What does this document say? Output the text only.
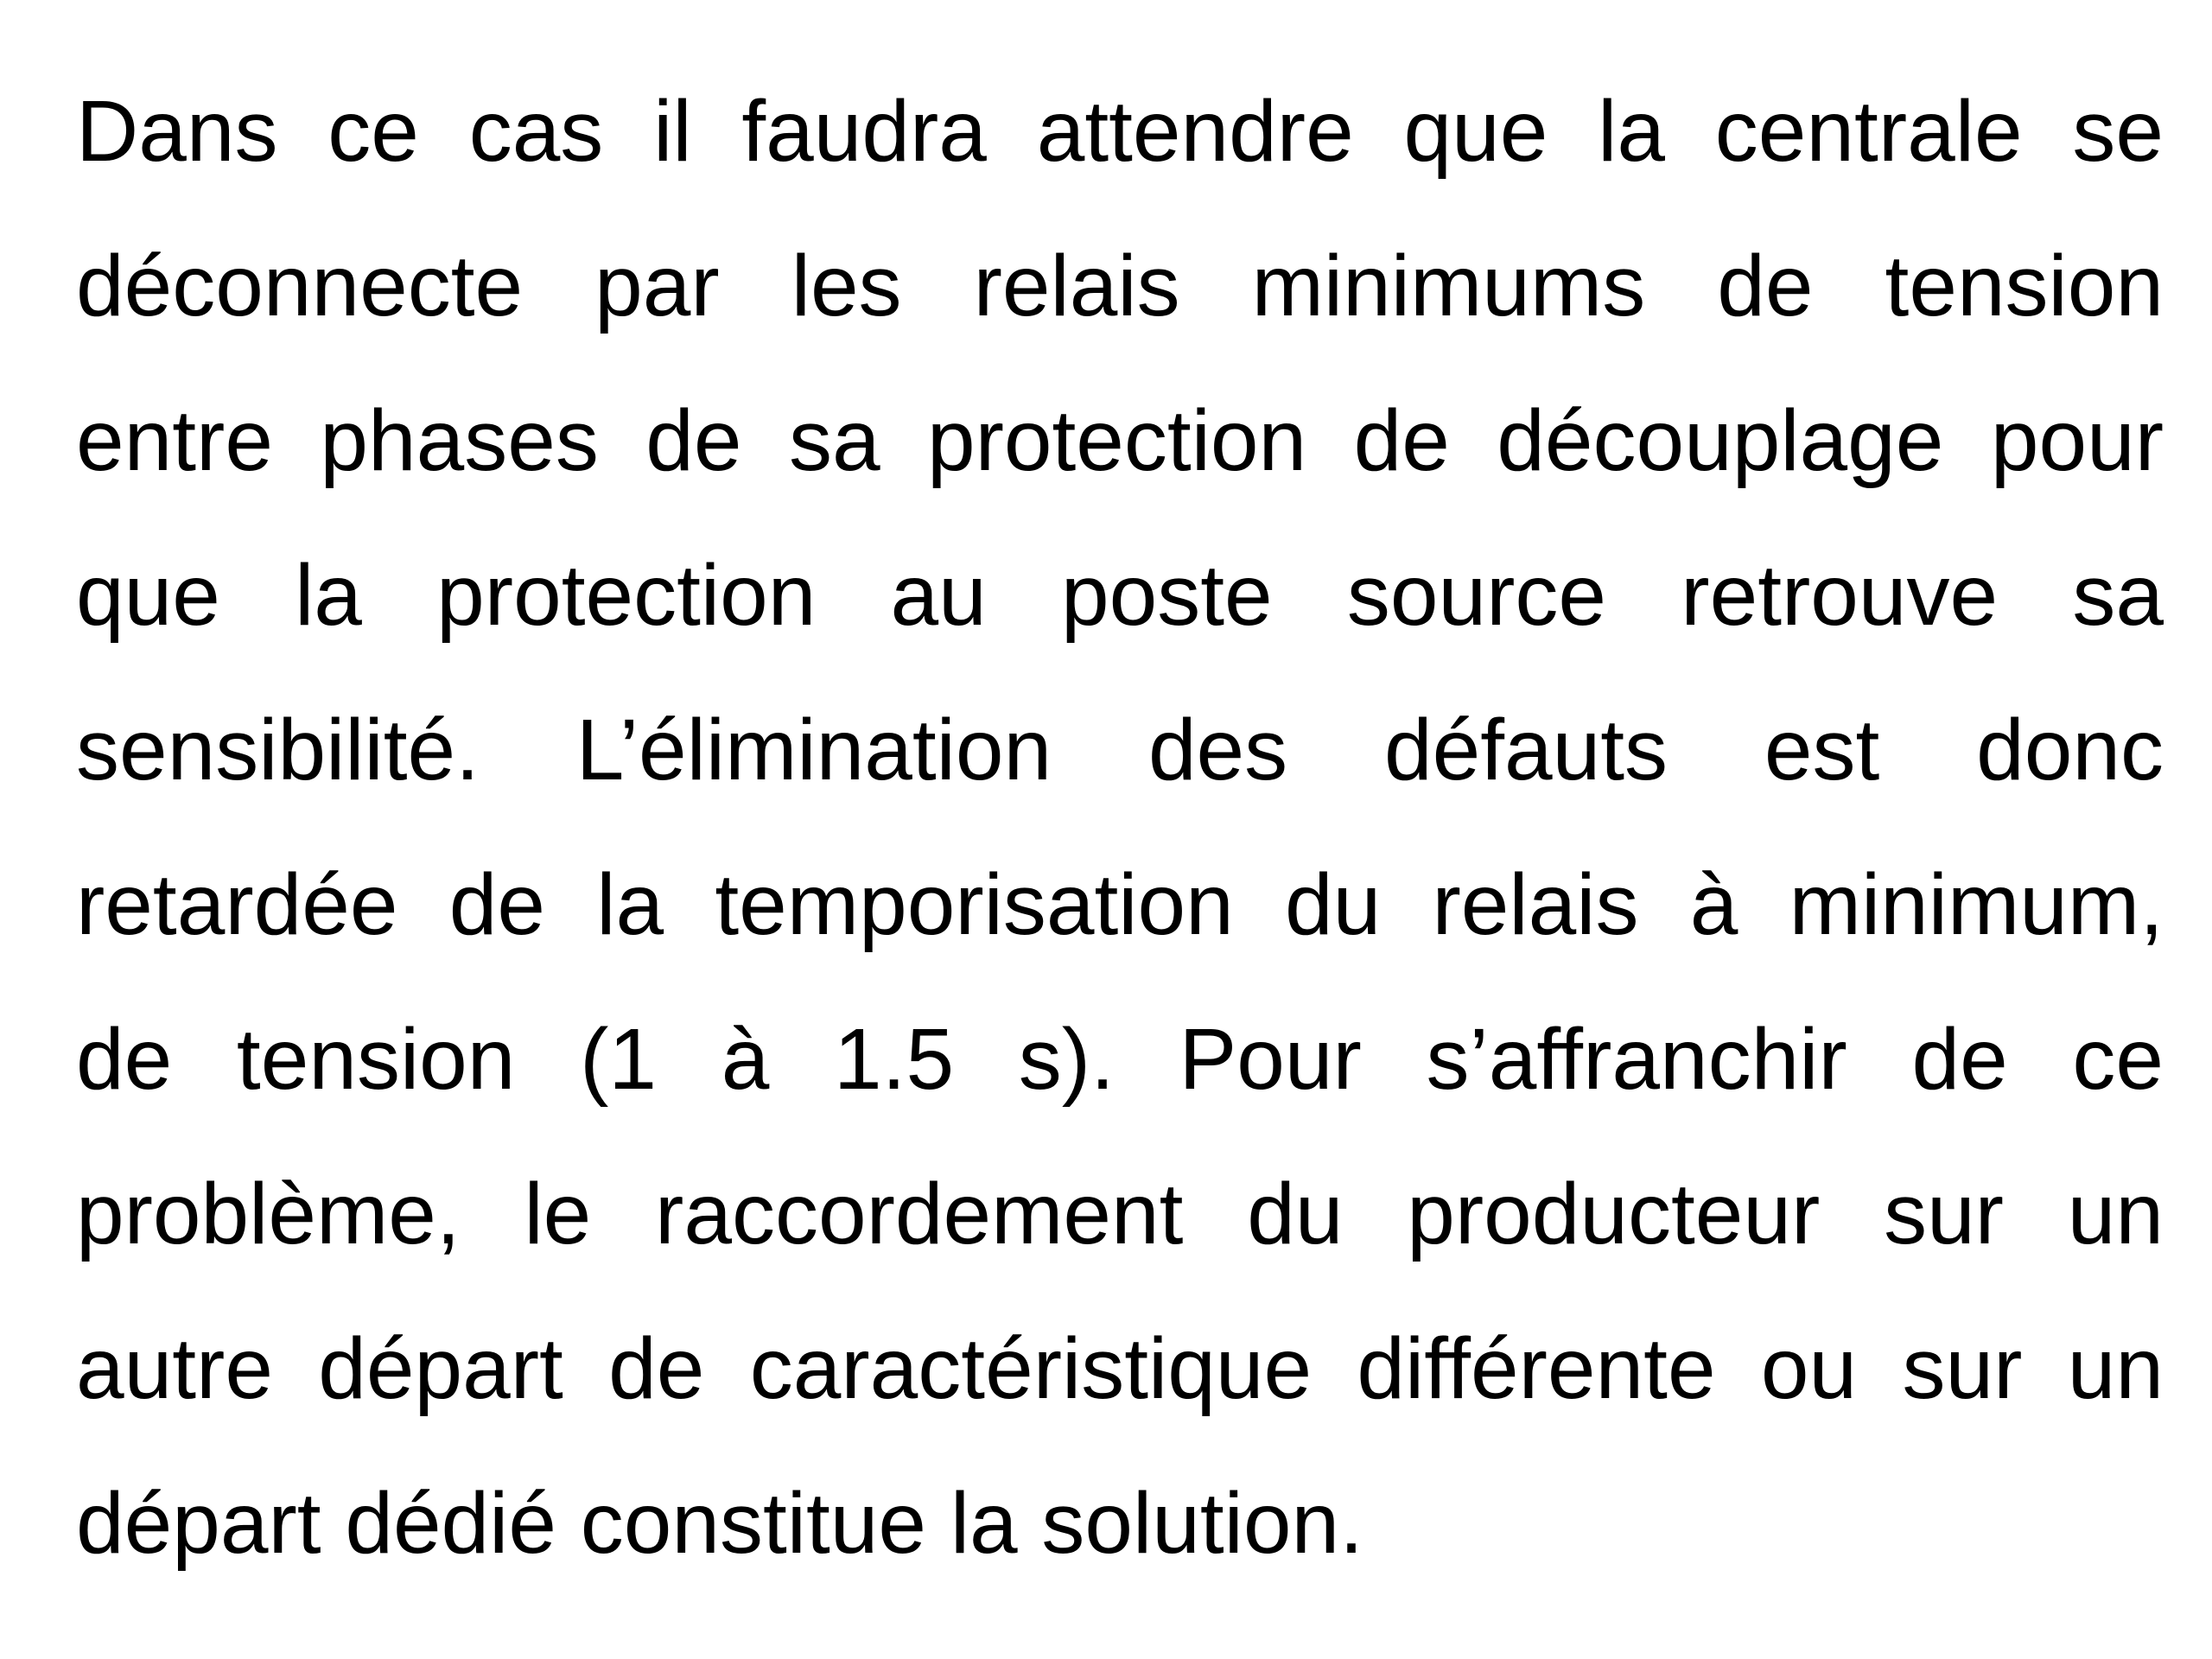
Dans ce cas il faudra attendre que la centrale se
déconnecte par les relais minimums de tension
entre phases de sa protection de découplage pour
que la protection au poste source retrouve sa
sensibilité. L’élimination des défauts est donc
retardée de la temporisation du relais à minimum,
de tension (1 à 1.5 s). Pour s’affranchir de ce
problème, le raccordement du producteur sur un
autre départ de caractéristique différente ou sur un
départ dédié constitue la solution.
